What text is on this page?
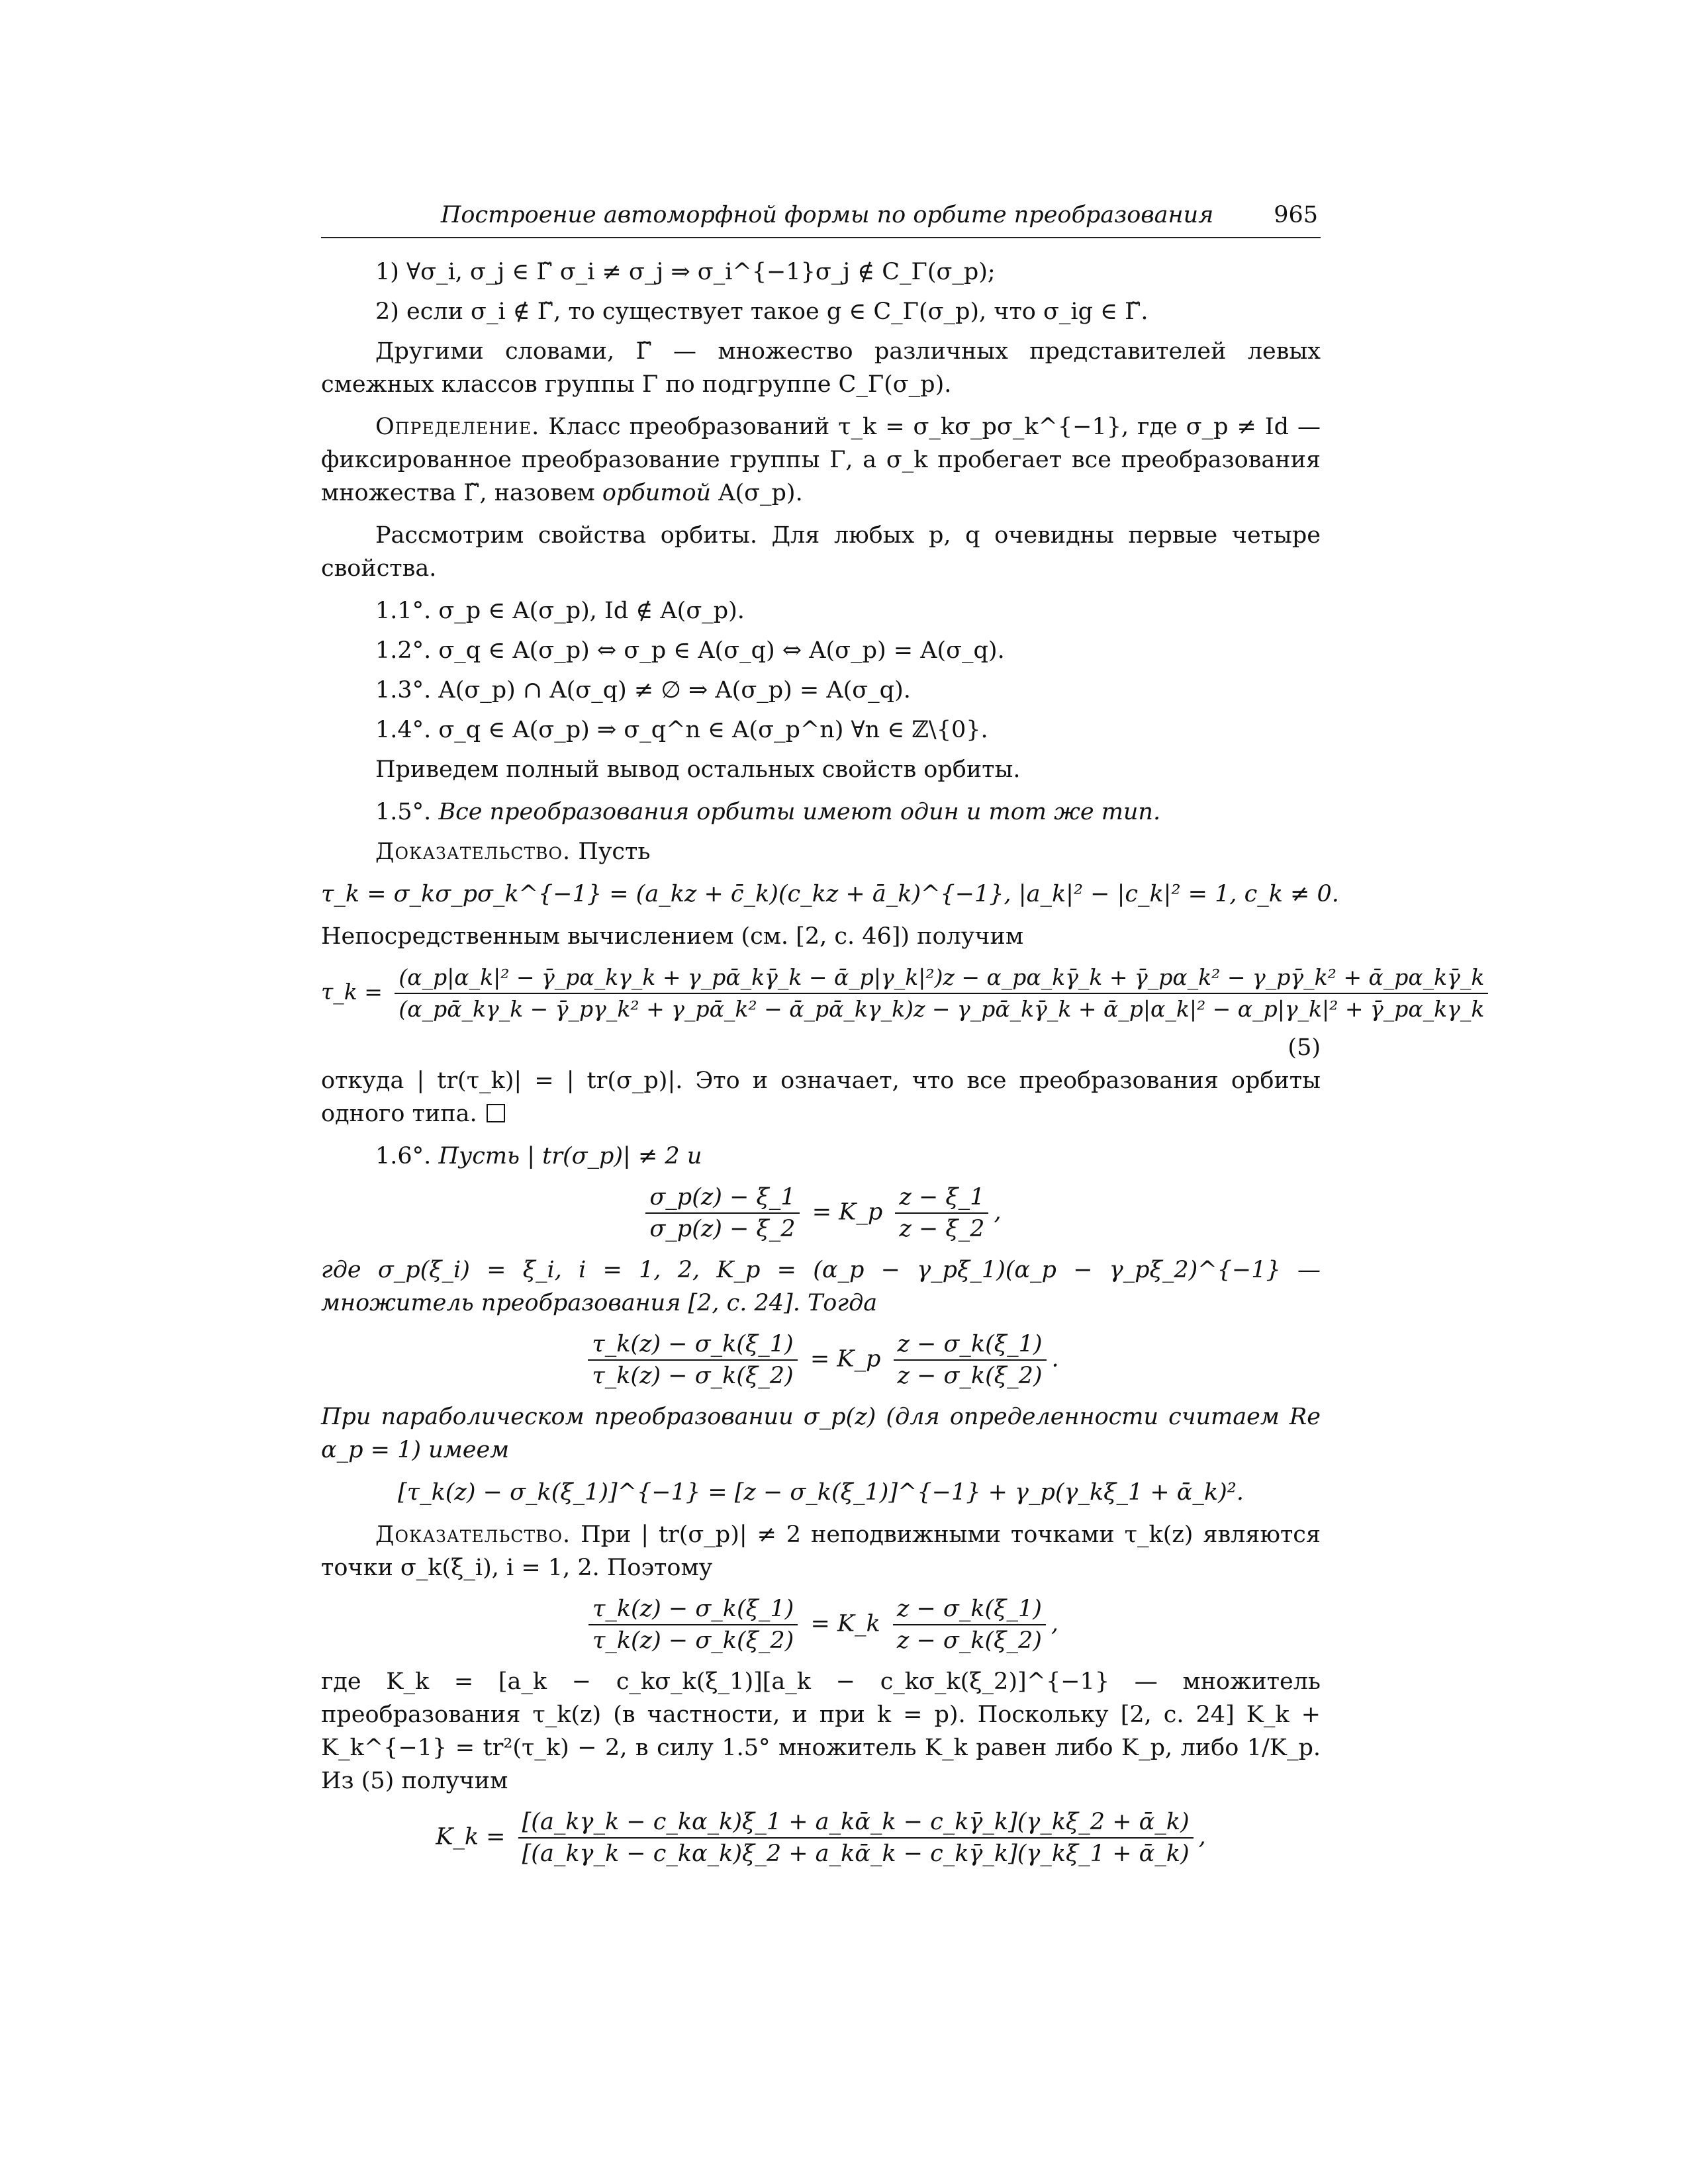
Построение автоморфной формы по орбите преобразования	965

1) ∀σ_i, σ_j ∈ Γ̃ σ_i ≠ σ_j ⇒ σ_i^{−1}σ_j ∉ C_Γ(σ_p);

2) если σ_i ∉ Γ̃, то существует такое g ∈ C_Γ(σ_p), что σ_ig ∈ Γ̃.

Другими словами, Γ̃ — множество различных представителей левых смежных классов группы Γ по подгруппе C_Γ(σ_p).

Определение. Класс преобразований τ_k = σ_kσ_pσ_k^{−1}, где σ_p ≠ Id — фиксированное преобразование группы Γ, а σ_k пробегает все преобразования множества Γ̃, назовем орбитой A(σ_p).

Рассмотрим свойства орбиты. Для любых p, q очевидны первые четыре свойства.

1.1°. σ_p ∈ A(σ_p), Id ∉ A(σ_p).

1.2°. σ_q ∈ A(σ_p) ⇔ σ_p ∈ A(σ_q) ⇔ A(σ_p) = A(σ_q).

1.3°. A(σ_p) ∩ A(σ_q) ≠ ∅ ⇒ A(σ_p) = A(σ_q).

1.4°. σ_q ∈ A(σ_p) ⇒ σ_q^n ∈ A(σ_p^n) ∀n ∈ ℤ\{0}.

Приведем полный вывод остальных свойств орбиты.

1.5°. Все преобразования орбиты имеют один и тот же тип.

Доказательство. Пусть

τ_k = σ_kσ_pσ_k^{−1} = (a_kz + c̄_k)(c_kz + ā_k)^{−1}, |a_k|² − |c_k|² = 1, c_k ≠ 0.

Непосредственным вычислением (см. [2, с. 46]) получим

τ_k =
(α_p|α_k|² − γ̄_pα_kγ_k + γ_pᾱ_kγ̄_k − ᾱ_p|γ_k|²)z − α_pα_kγ̄_k + γ̄_pα_k² − γ_pγ̄_k² + ᾱ_pα_kγ̄_k
(α_pᾱ_kγ_k − γ̄_pγ_k² + γ_pᾱ_k² − ᾱ_pᾱ_kγ_k)z − γ_pᾱ_kγ̄_k + ᾱ_p|α_k|² − α_p|γ_k|² + γ̄_pα_kγ_k
(5)

откуда | tr(τ_k)| = | tr(σ_p)|. Это и означает, что все преобразования орбиты одного типа.

1.6°. Пусть | tr(σ_p)| ≠ 2 и

$\frac{\sigma\_p(z) - \xi\_1}{\sigma\_p(z) - \xi\_2}$ = K_p $\frac{z - \xi\_1}{z - \xi\_2}$ ,

где σ_p(ξ_i) = ξ_i, i = 1, 2, K_p = (α_p − γ_pξ_1)(α_p − γ_pξ_2)^{−1} — множитель преобразования [2, с. 24]. Тогда

$\frac{\tau\_k(z) - \sigma\_k(\xi\_1)}{\tau\_k(z) - \sigma\_k(\xi\_2)}$ = K_p $\frac{z - \sigma\_k(\xi\_1)}{z - \sigma\_k(\xi\_2)}$ .

При параболическом преобразовании σ_p(z) (для определенности считаем Re α_p = 1) имеем

[τ_k(z) − σ_k(ξ_1)]^{−1} = [z − σ_k(ξ_1)]^{−1} + γ_p(γ_kξ_1 + ᾱ_k)².

Доказательство. При | tr(σ_p)| ≠ 2 неподвижными точками τ_k(z) являются точки σ_k(ξ_i), i = 1, 2. Поэтому

$\frac{\tau\_k(z) - \sigma\_k(\xi\_1)}{\tau\_k(z) - \sigma\_k(\xi\_2)}$ = K_k $\frac{z - \sigma\_k(\xi\_1)}{z - \sigma\_k(\xi\_2)}$ ,

где K_k = [a_k − c_kσ_k(ξ_1)][a_k − c_kσ_k(ξ_2)]^{−1} — множитель преобразования τ_k(z) (в частности, и при k = p). Поскольку [2, с. 24] K_k + K_k^{−1} = tr²(τ_k) − 2, в силу 1.5° множитель K_k равен либо K_p, либо 1/K_p. Из (5) получим

K_k = $\frac{\text{[(a\_kγ\_k − c\_kα\_k)ξ\_1 + a\_kᾱ\_k − c\_kγ̄\_k](γ\_kξ\_2 + ᾱ\_k)}}{\text{[(a\_kγ\_k − c\_kα\_k)ξ\_2 + a\_kᾱ\_k − c\_kγ̄\_k](γ\_kξ\_1 + ᾱ\_k)}}$ ,
